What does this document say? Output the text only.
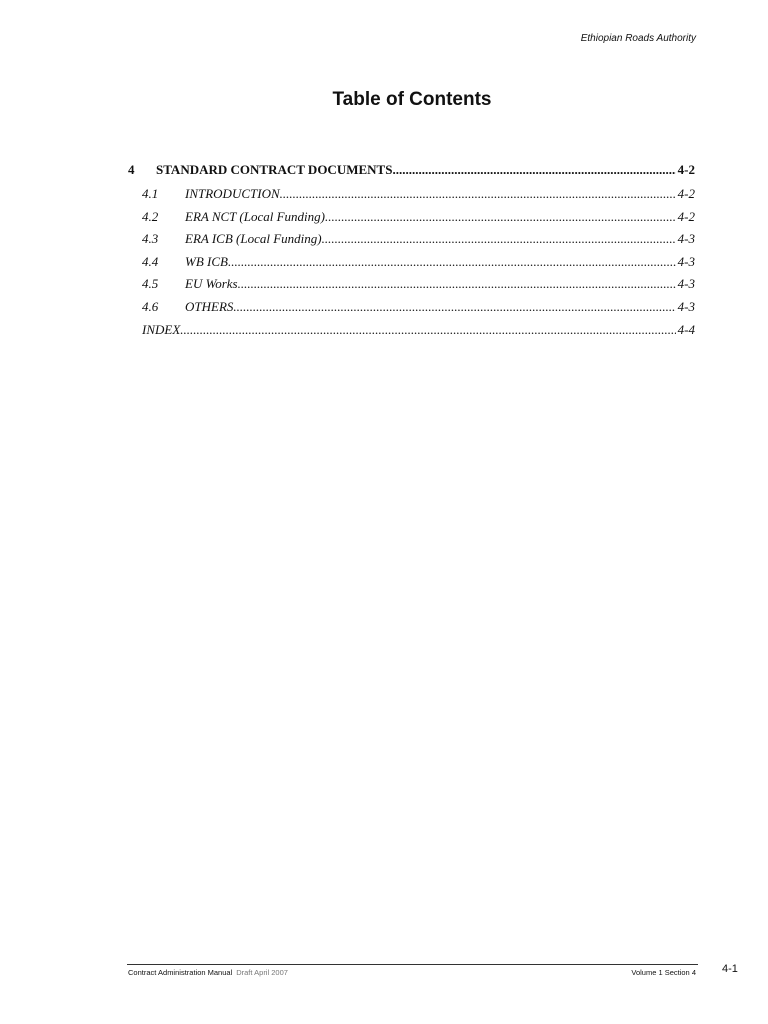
Ethiopian Roads Authority
Table of Contents
4	STANDARD CONTRACT DOCUMENTS .....	4-2
4.1	INTRODUCTION .....	4-2
4.2	ERA NCT (Local Funding) .....	4-2
4.3	ERA ICB (Local Funding) .....	4-3
4.4	WB ICB .....	4-3
4.5	EU Works .....	4-3
4.6	OTHERS .....	4-3
INDEX .....	4-4
Contract Administration Manual Draft April 2007	Volume 1 Section 4 4-1
